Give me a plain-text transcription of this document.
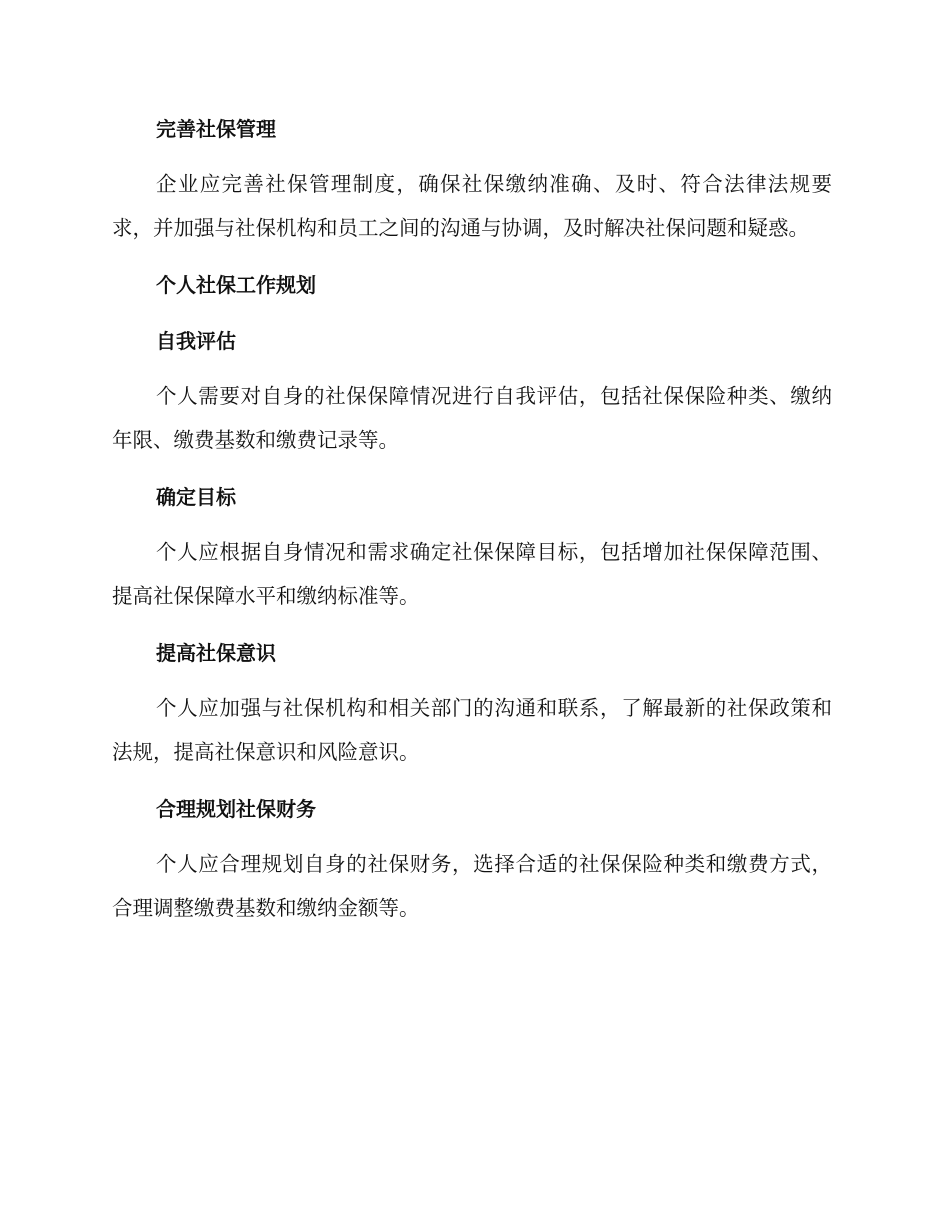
完善社保管理

企业应完善社保管理制度，确保社保缴纳准确、及时、符合法律法规要求，并加强与社保机构和员工之间的沟通与协调，及时解决社保问题和疑惑。

个人社保工作规划
自我评估

个人需要对自身的社保保障情况进行自我评估，包括社保保险种类、缴纳年限、缴费基数和缴费记录等。

确定目标

个人应根据自身情况和需求确定社保保障目标，包括增加社保保障范围、提高社保保障水平和缴纳标准等。

提高社保意识

个人应加强与社保机构和相关部门的沟通和联系，了解最新的社保政策和法规，提高社保意识和风险意识。

合理规划社保财务

个人应合理规划自身的社保财务，选择合适的社保保险种类和缴费方式，合理调整缴费基数和缴纳金额等。
